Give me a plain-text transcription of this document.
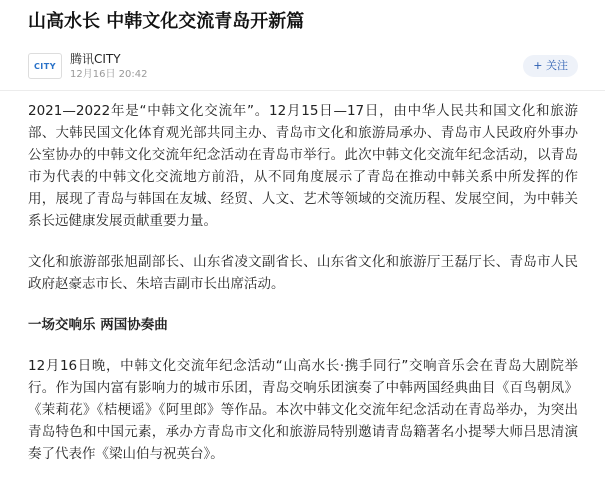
山高水长 中韩文化交流青岛开新篇
CITY	腾讯CITY
12月16日 20:42
+ 关注

2021—2022年是“中韩文化交流年”。12月15日—17日，由中华人民共和国文化和旅游部、大韩民国文化体育观光部共同主办、青岛市文化和旅游局承办、青岛市人民政府外事办公室协办的中韩文化交流年纪念活动在青岛市举行。此次中韩文化交流年纪念活动，以青岛市为代表的中韩文化交流地方前沿，从不同角度展示了青岛在推动中韩关系中所发挥的作用，展现了青岛与韩国在友城、经贸、人文、艺术等领域的交流历程、发展空间，为中韩关系长远健康发展贡献重要力量。

文化和旅游部张旭副部长、山东省凌文副省长、山东省文化和旅游厅王磊厅长、青岛市人民政府赵豪志市长、朱培吉副市长出席活动。

一场交响乐 两国协奏曲

12月16日晚，中韩文化交流年纪念活动“山高水长·携手同行”交响音乐会在青岛大剧院举行。作为国内富有影响力的城市乐团，青岛交响乐团演奏了中韩两国经典曲目《百鸟朝凤》《茉莉花》《桔梗谣》《阿里郎》等作品。本次中韩文化交流年纪念活动在青岛举办，为突出青岛特色和中国元素，承办方青岛市文化和旅游局特别邀请青岛籍著名小提琴大师吕思清演奏了代表作《梁山伯与祝英台》。
